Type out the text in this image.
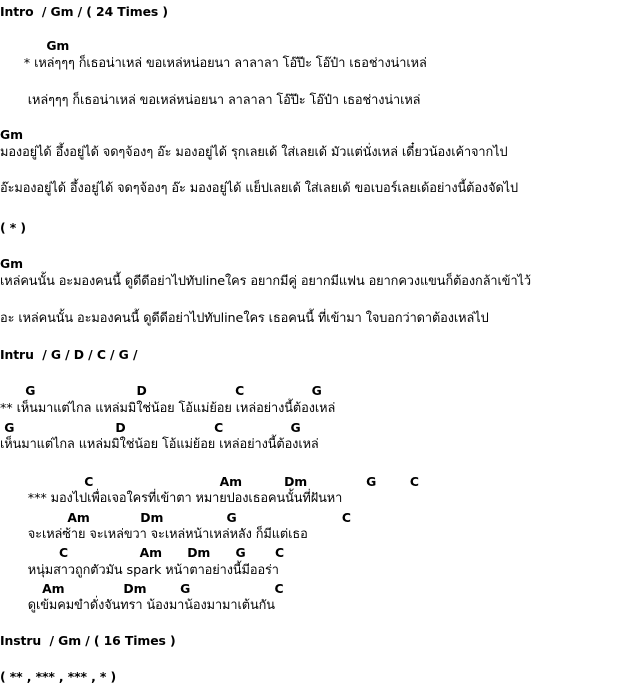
Intro  / Gm / ( 24 Times )
Gm
* เหล่ๆๆๆ ก็เธอน่าเหล่ ขอเหล่หน่อยนา ลาลาลา โอ๊ปีะ โอ๊ป๋า เธอช่างน่าเหล่
เหล่ๆๆๆ ก็เธอน่าเหล่ ขอเหล่หน่อยนา ลาลาลา โอ๊ปีะ โอ๊ป๋า เธอช่างน่าเหล่
Gm
มองอยู่ได้ อึ้งอยู่ได้ จดๆจ้องๆ อ๊ะ มองอยู่ได้ รุกเลยเด้ ใส่เลยเด้ มัวแต่นั่งเหล่ เดี๋ยวน้องเค้าจากไป
อ๊ะมองอยู่ได้ อึ้งอยู่ได้ จดๆจ้องๆ อ๊ะ มองอยู่ได้ แย็ปเลยเด้ ใส่เลยเด้ ขอเบอร์เลยเด้อย่างนี้ต้องจัดไป
( * )
Gm
เหล่คนนั้น อะมองคนนี้ ดูดีดีอย่าไปทับlineใคร อยากมีคู่ อยากมีแฟน อยากควงแขนก็ต้องกล้าเข้าไว้
อะ เหล่คนนั้น อะมองคนนี้ ดูดีดีอย่าไปทับlineใคร เธอคนนี้ ที่เข้ามา ใจบอกว่าดาต้องเหล่ไป
Intru  / G / D / C / G /
G                        D                     C                G
** เห็นมาแต่ไกล แหล่มมิใช่น้อย โอ้แม่ย้อย เหล่อย่างนี้ต้องเหล่
G                        D                     C                G
เห็นมาแต่ไกล แหล่มมิใช่น้อย โอ้แม่ย้อย เหล่อย่างนี้ต้องเหล่
C                              Am          Dm              G        C
*** มองไปเพื่อเจอใครที่เข้าตา หมายปองเธอคนนั้นที่ฝันหา
Am            Dm               G                         C
จะเหล่ซ้าย จะเหล่ขวา จะเหล่หน้าเหล่หลัง ก็มีแต่เธอ
C                 Am      Dm      G       C
หนุ่มสาวถูกตัวมัน spark หน้าตาอย่างนี้มีออร่า
Am              Dm        G                    C
ดูเข้มคมขำดั่งจันทรา น้องมาน้องมามาเต้นกัน
Instru  / Gm / ( 16 Times )
( ** , *** , *** , * )
